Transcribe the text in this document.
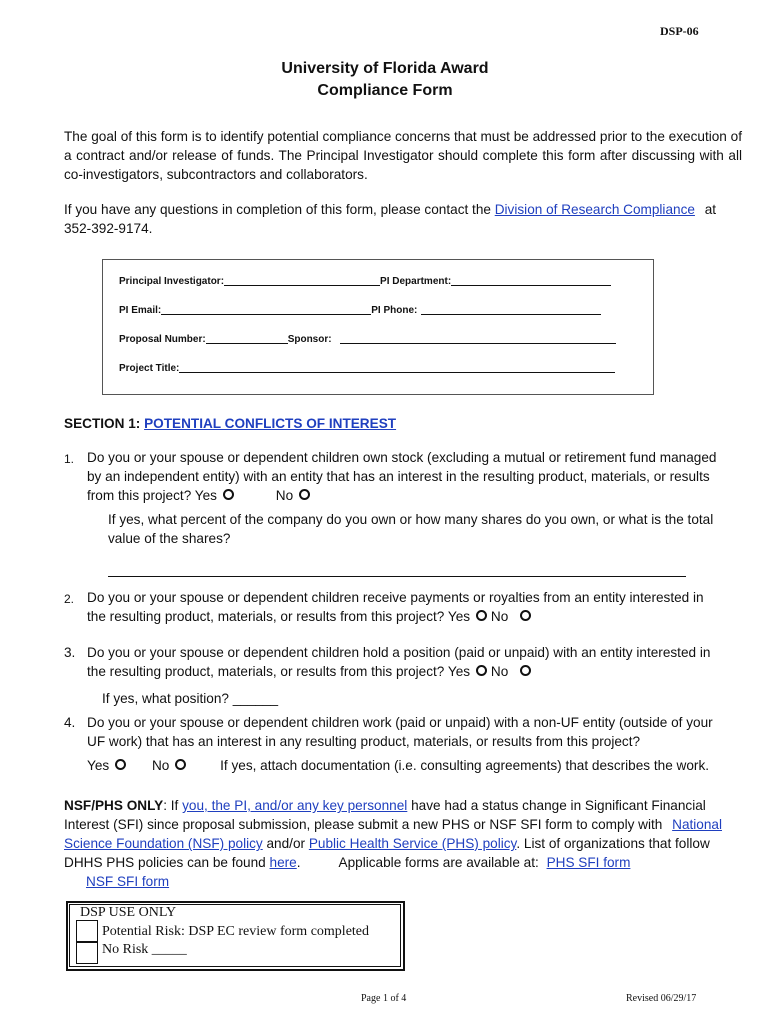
DSP-06
University of Florida Award
Compliance Form
The goal of this form is to identify potential compliance concerns that must be addressed prior to the execution of a contract and/or release of funds. The Principal Investigator should complete this form after discussing with all co-investigators, subcontractors and collaborators.
If you have any questions in completion of this form, please contact the Division of Research Compliance at
352-392-9174.
Principal Investigator:	PI Department:
PI Email:	PI Phone:
Proposal Number:	Sponsor:
Project Title:
SECTION 1: POTENTIAL CONFLICTS OF INTEREST
1. Do you or your spouse or dependent children own stock (excluding a mutual or retirement fund managed
by an independent entity) with an entity that has an interest in the resulting product, materials, or results
from this project? Yes	No
If yes, what percent of the company do you own or how many shares do you own, or what is the total
value of the shares?
2. Do you or your spouse or dependent children receive payments or royalties from an entity interested in
the resulting product, materials, or results from this project? Yes No
3. Do you or your spouse or dependent children hold a position (paid or unpaid) with an entity interested in
the resulting product, materials, or results from this project? Yes No
If yes, what position? ______
4. Do you or your spouse or dependent children work (paid or unpaid) with a non-UF entity (outside of your
UF work) that has an interest in any resulting product, materials, or results from this project?
Yes	No	If yes, attach documentation (i.e. consulting agreements) that describes the work.
NSF/PHS ONLY: If you, the PI, and/or any key personnel have had a status change in Significant Financial
Interest (SFI) since proposal submission, please submit a new PHS or NSF SFI form to comply with National
Science Foundation (NSF) policy and/or Public Health Service (PHS) policy. List of organizations that follow
DHHS PHS policies can be found here.	Applicable forms are available at: PHS SFI form
NSF SFI form
DSP USE ONLY
Potential Risk: DSP EC review form completed
No Risk _____
Page 1 of 4	Revised 06/29/17
